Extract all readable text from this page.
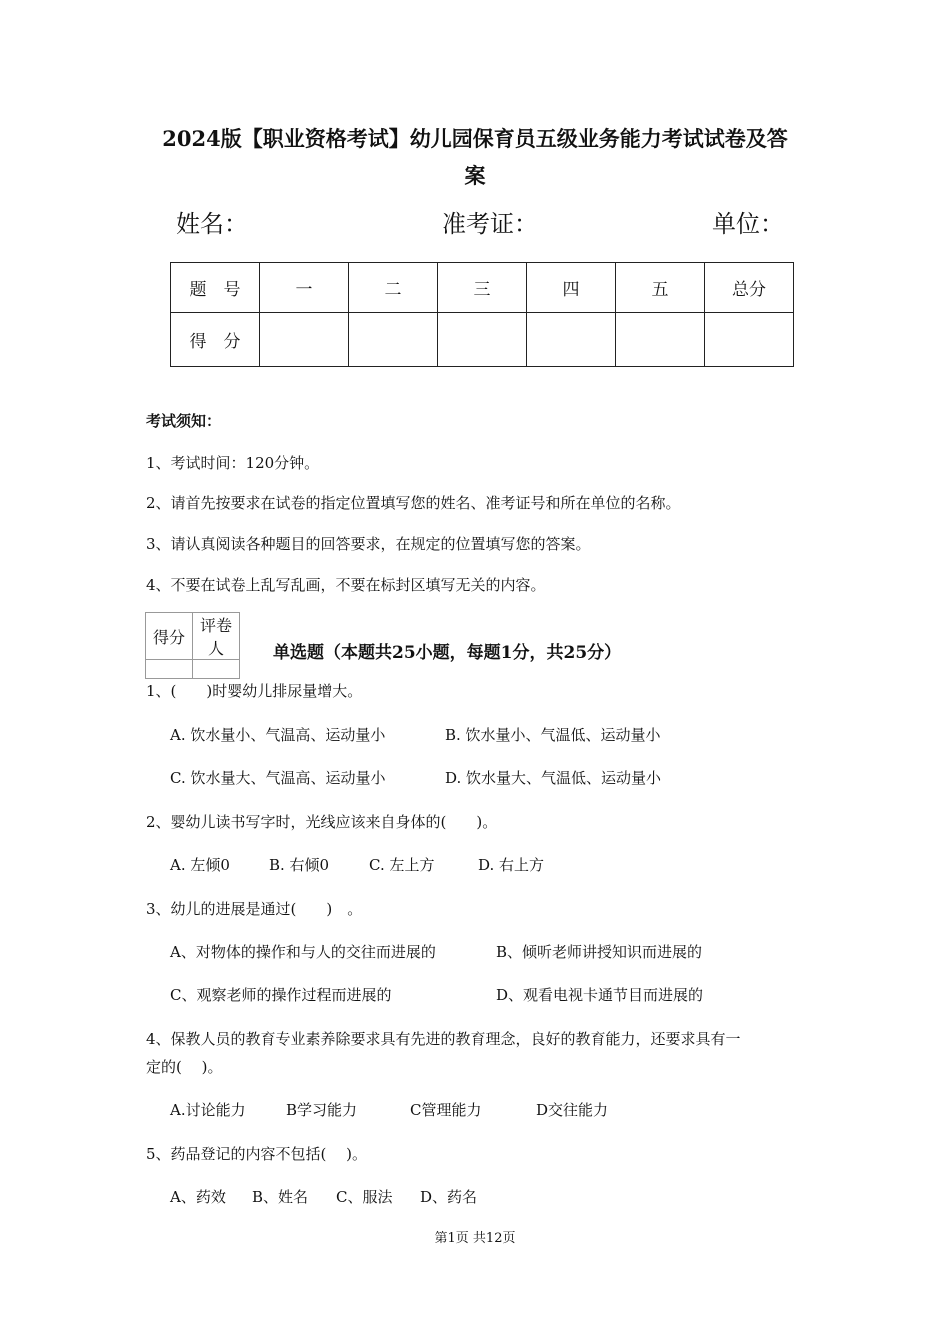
2024版【职业资格考试】幼儿园保育员五级业务能力考试试卷及答
案
姓名：	准考证：	单位：
题　号	一	二	三	四	五	总分
得　分						
考试须知：
1、考试时间：120分钟。
2、请首先按要求在试卷的指定位置填写您的姓名、准考证号和所在单位的名称。
3、请认真阅读各种题目的回答要求，在规定的位置填写您的答案。
4、不要在试卷上乱写乱画，不要在标封区填写无关的内容。
得分	评卷人
		单选题（本题共25小题，每题1分，共25分）
1、(　　)时婴幼儿排尿量增大。
A. 饮水量小、气温高、运动量小	B. 饮水量小、气温低、运动量小
C. 饮水量大、气温高、运动量小	D. 饮水量大、气温低、运动量小
2、婴幼儿读书写字时，光线应该来自身体的(　　)。
A. 左倾0	B. 右倾0	C. 左上方	D. 右上方
3、幼儿的进展是通过(　　)　。
A、对物体的操作和与人的交往而进展的	B、倾听老师讲授知识而进展的
C、观察老师的操作过程而进展的	D、观看电视卡通节目而进展的
4、保教人员的教育专业素养除要求具有先进的教育理念，良好的教育能力，还要求具有一
定的(　 )。
A.讨论能力	B学习能力	C管理能力	D交往能力
5、药品登记的内容不包括(　 )。
A、药效 B、姓名 C、服法 D、药名
第1页 共12页
